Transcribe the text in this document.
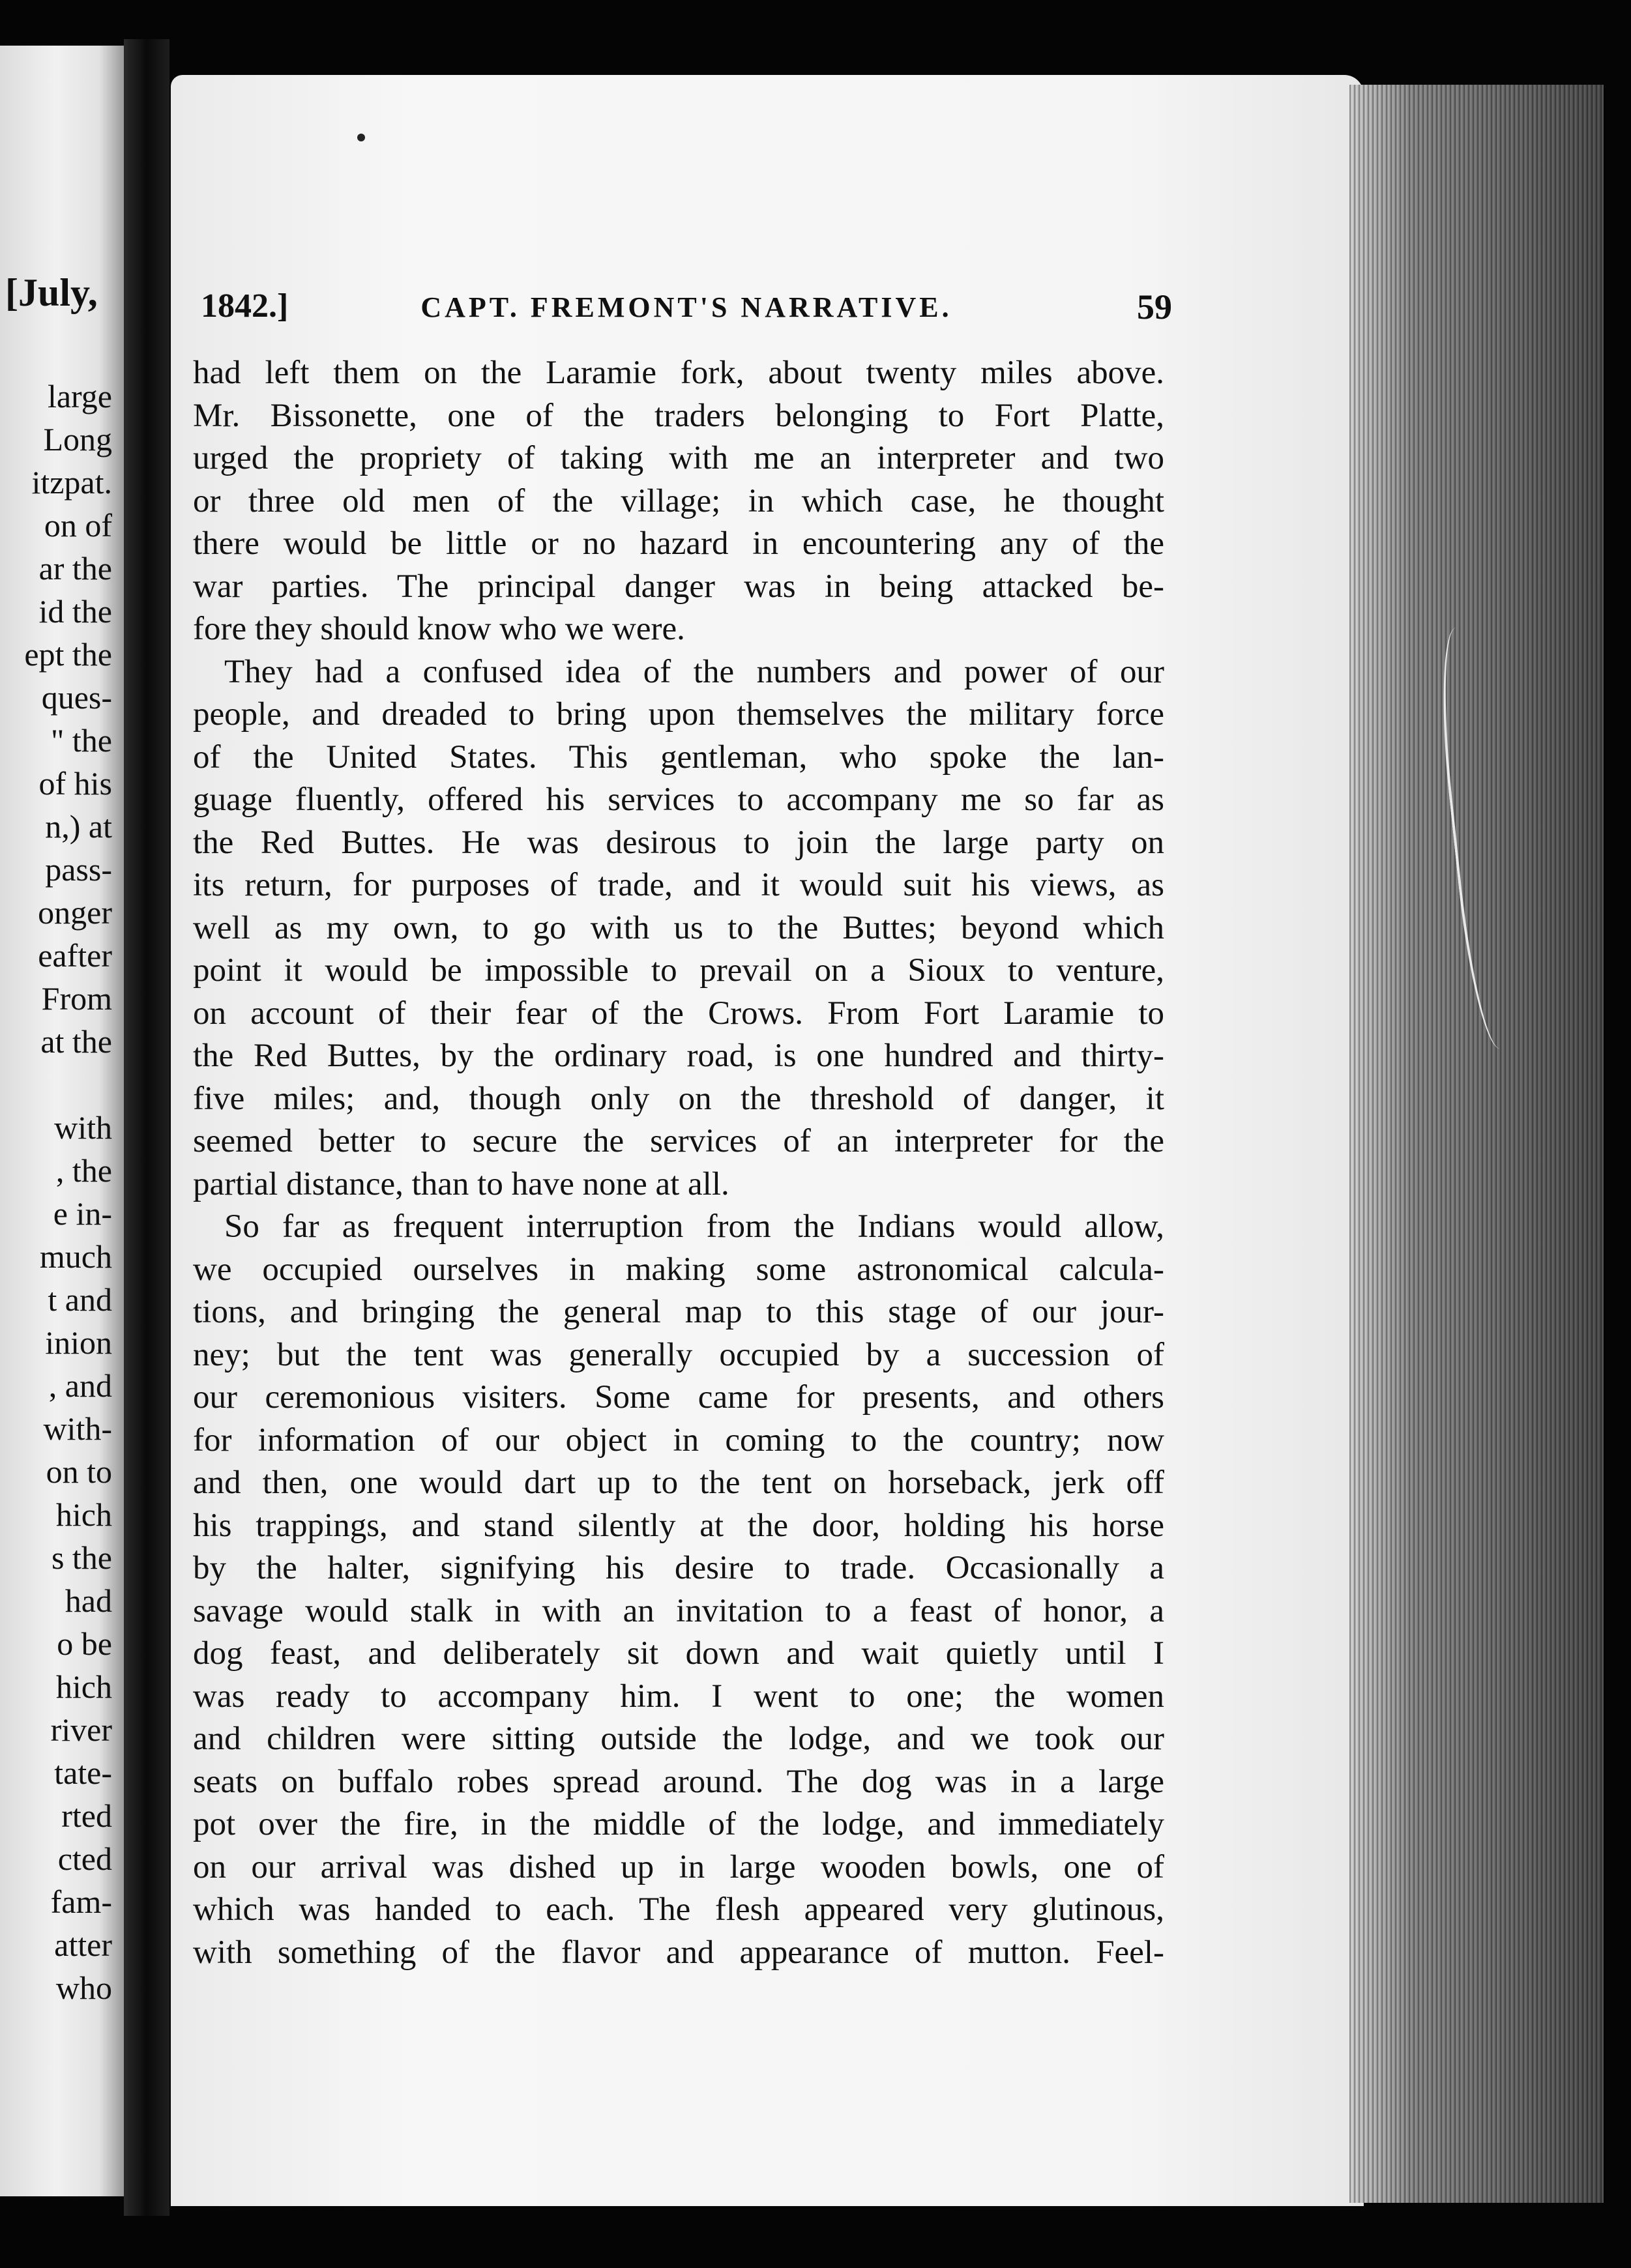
[July,
large
Long
itzpat.
on of
ar the
id the
ept the
ques-
" the
of his
n,) at
pass-
onger
eafter
From
at the
with
, the
e in-
much
t and
inion
, and
with-
on to
hich
s the
had
o be
hich
river
tate-
rted
cted
fam-
atter
who
1842.]	CAPT. FREMONT'S NARRATIVE.	59
had left them on the Laramie fork, about twenty miles above.
Mr. Bissonette, one of the traders belonging to Fort Platte,
urged the propriety of taking with me an interpreter and two
or three old men of the village; in which case, he thought
there would be little or no hazard in encountering any of the
war parties. The principal danger was in being attacked be-
fore they should know who we were.
They had a confused idea of the numbers and power of our
people, and dreaded to bring upon themselves the military force
of the United States. This gentleman, who spoke the lan-
guage fluently, offered his services to accompany me so far as
the Red Buttes. He was desirous to join the large party on
its return, for purposes of trade, and it would suit his views, as
well as my own, to go with us to the Buttes; beyond which
point it would be impossible to prevail on a Sioux to venture,
on account of their fear of the Crows. From Fort Laramie to
the Red Buttes, by the ordinary road, is one hundred and thirty-
five miles; and, though only on the threshold of danger, it
seemed better to secure the services of an interpreter for the
partial distance, than to have none at all.
So far as frequent interruption from the Indians would allow,
we occupied ourselves in making some astronomical calcula-
tions, and bringing the general map to this stage of our jour-
ney; but the tent was generally occupied by a succession of
our ceremonious visiters. Some came for presents, and others
for information of our object in coming to the country; now
and then, one would dart up to the tent on horseback, jerk off
his trappings, and stand silently at the door, holding his horse
by the halter, signifying his desire to trade. Occasionally a
savage would stalk in with an invitation to a feast of honor, a
dog feast, and deliberately sit down and wait quietly until I
was ready to accompany him. I went to one; the women
and children were sitting outside the lodge, and we took our
seats on buffalo robes spread around. The dog was in a large
pot over the fire, in the middle of the lodge, and immediately
on our arrival was dished up in large wooden bowls, one of
which was handed to each. The flesh appeared very glutinous,
with something of the flavor and appearance of mutton. Feel-
